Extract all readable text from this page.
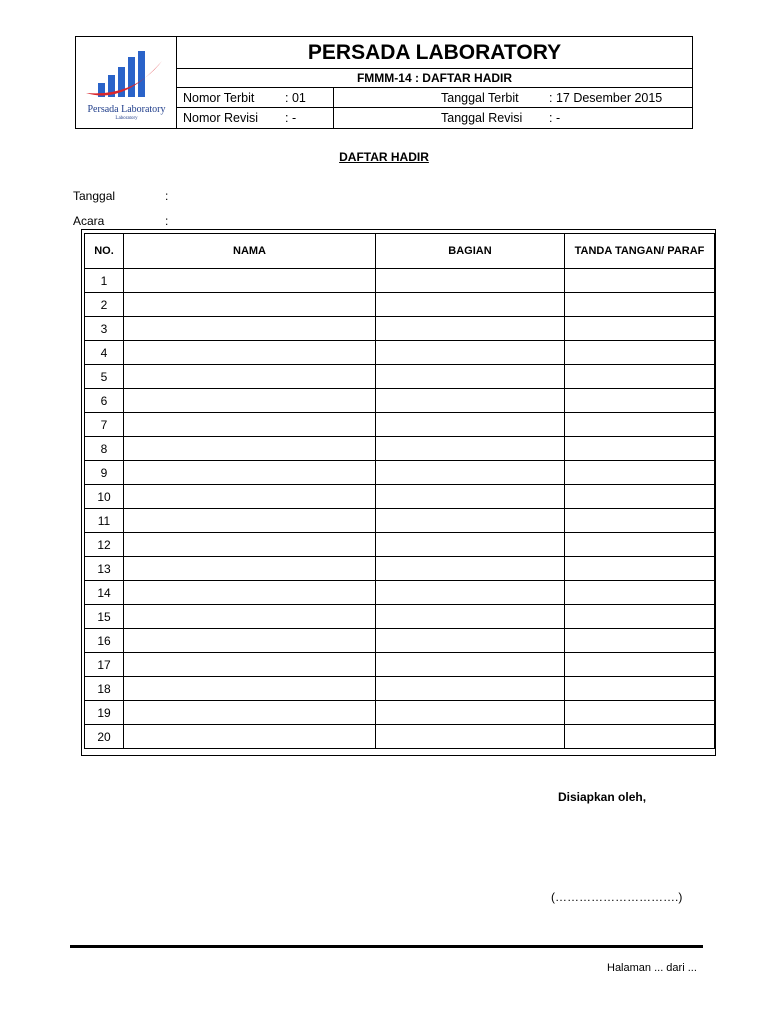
Persada Laboratory
Laboratory
PERSADA LABORATORY
FMMM-14 : DAFTAR HADIR
Nomor Terbit : 01	Tanggal Terbit : 17 Desember 2015
Nomor Revisi : -	Tanggal Revisi : -
DAFTAR HADIR
Tanggal	:
Acara	:
NO.	NAMA	BAGIAN	TANDA TANGAN/ PARAF
1			
2			
3			
4			
5			
6			
7			
8			
9			
10			
11			
12			
13			
14			
15			
16			
17			
18			
19			
20			
Disiapkan oleh,
(………………………….)
Halaman ... dari ...
